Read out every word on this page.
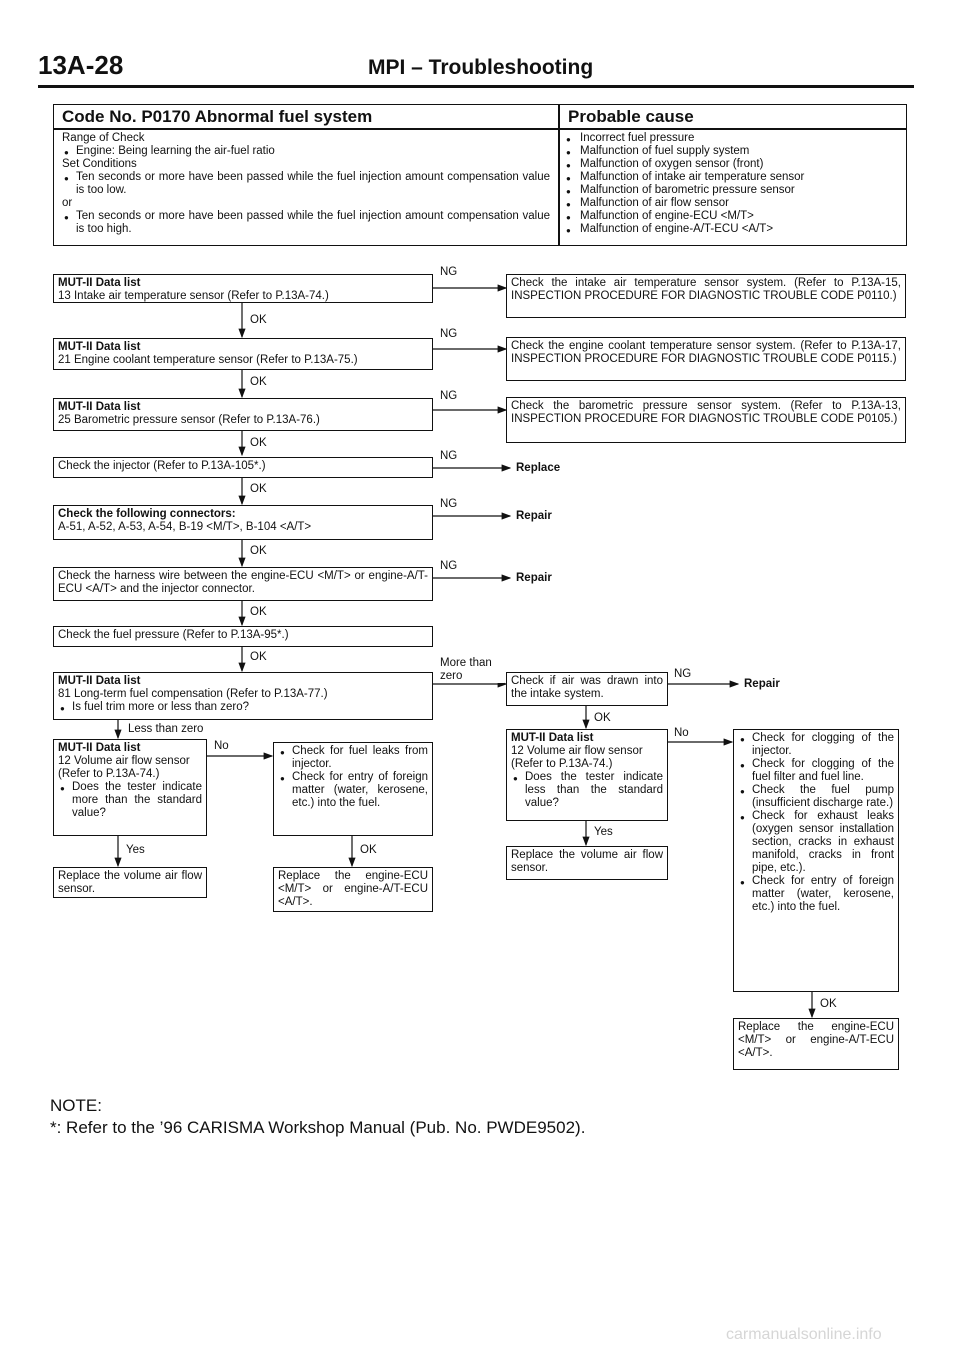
13A-28	MPI – Troubleshooting
Code No. P0170 Abnormal fuel system	Probable cause
Range of Check
● Engine: Being learning the air-fuel ratio
Set Conditions
● Ten seconds or more have been passed while the fuel injection amount compensation value is too low.
or
● Ten seconds or more have been passed while the fuel injection amount compensation value is too high.
● Incorrect fuel pressure
● Malfunction of fuel supply system
● Malfunction of oxygen sensor (front)
● Malfunction of intake air temperature sensor
● Malfunction of barometric pressure sensor
● Malfunction of air flow sensor
● Malfunction of engine-ECU <M/T>
● Malfunction of engine-A/T-ECU <A/T>
MUT-II Data list
13 Intake air temperature sensor (Refer to P.13A-74.)
Check the intake air temperature sensor system. (Refer to P.13A-15, INSPECTION PROCEDURE FOR DIAGNOSTIC TROUBLE CODE P0110.)
MUT-II Data list
21 Engine coolant temperature sensor (Refer to P.13A-75.)
Check the engine coolant temperature sensor system. (Refer to P.13A-17, INSPECTION PROCEDURE FOR DIAGNOSTIC TROUBLE CODE P0115.)
MUT-II Data list
25 Barometric pressure sensor (Refer to P.13A-76.)
Check the barometric pressure sensor system. (Refer to P.13A-13, INSPECTION PROCEDURE FOR DIAGNOSTIC TROUBLE CODE P0105.)
Check the injector (Refer to P.13A-105*.)	Replace
Check the following connectors:
A-51, A-52, A-53, A-54, B-19 <M/T>, B-104 <A/T>
Repair
Check the harness wire between the engine-ECU <M/T> or engine-A/T-ECU <A/T> and the injector connector.
Repair
Check the fuel pressure (Refer to P.13A-95*.)
MUT-II Data list
81 Long-term fuel compensation (Refer to P.13A-77.)
● Is fuel trim more or less than zero?
NG
NG
NG
NG
NG
NG
OK
OK
OK
OK
OK
OK
OK	More than zero
Less than zero
No
Yes	OK
NG
OK
No
Yes
OK
Repair
MUT-II Data list
12 Volume air flow sensor
(Refer to P.13A-74.)
● Does the tester indicate more than the standard value?
Replace the volume air flow sensor.
● Check for fuel leaks from injector.
● Check for entry of foreign matter (water, kerosene, etc.) into the fuel.
Replace the engine-ECU <M/T> or engine-A/T-ECU <A/T>.
Check if air was drawn into the intake system.
MUT-II Data list
12 Volume air flow sensor
(Refer to P.13A-74.)
● Does the tester indicate less than the standard value?
Replace the volume air flow sensor.
● Check for clogging of the injector.
● Check for clogging of the fuel filter and fuel line.
● Check the fuel pump (insufficient discharge rate.)
● Check for exhaust leaks (oxygen sensor installation section, cracks in exhaust manifold, cracks in front pipe, etc.).
● Check for entry of foreign matter (water, kerosene, etc.) into the fuel.
Replace the engine-ECU <M/T> or engine-A/T-ECU <A/T>.
NOTE:
*: Refer to the ’96 CARISMA Workshop Manual (Pub. No. PWDE9502).
carmanualsonline.info
